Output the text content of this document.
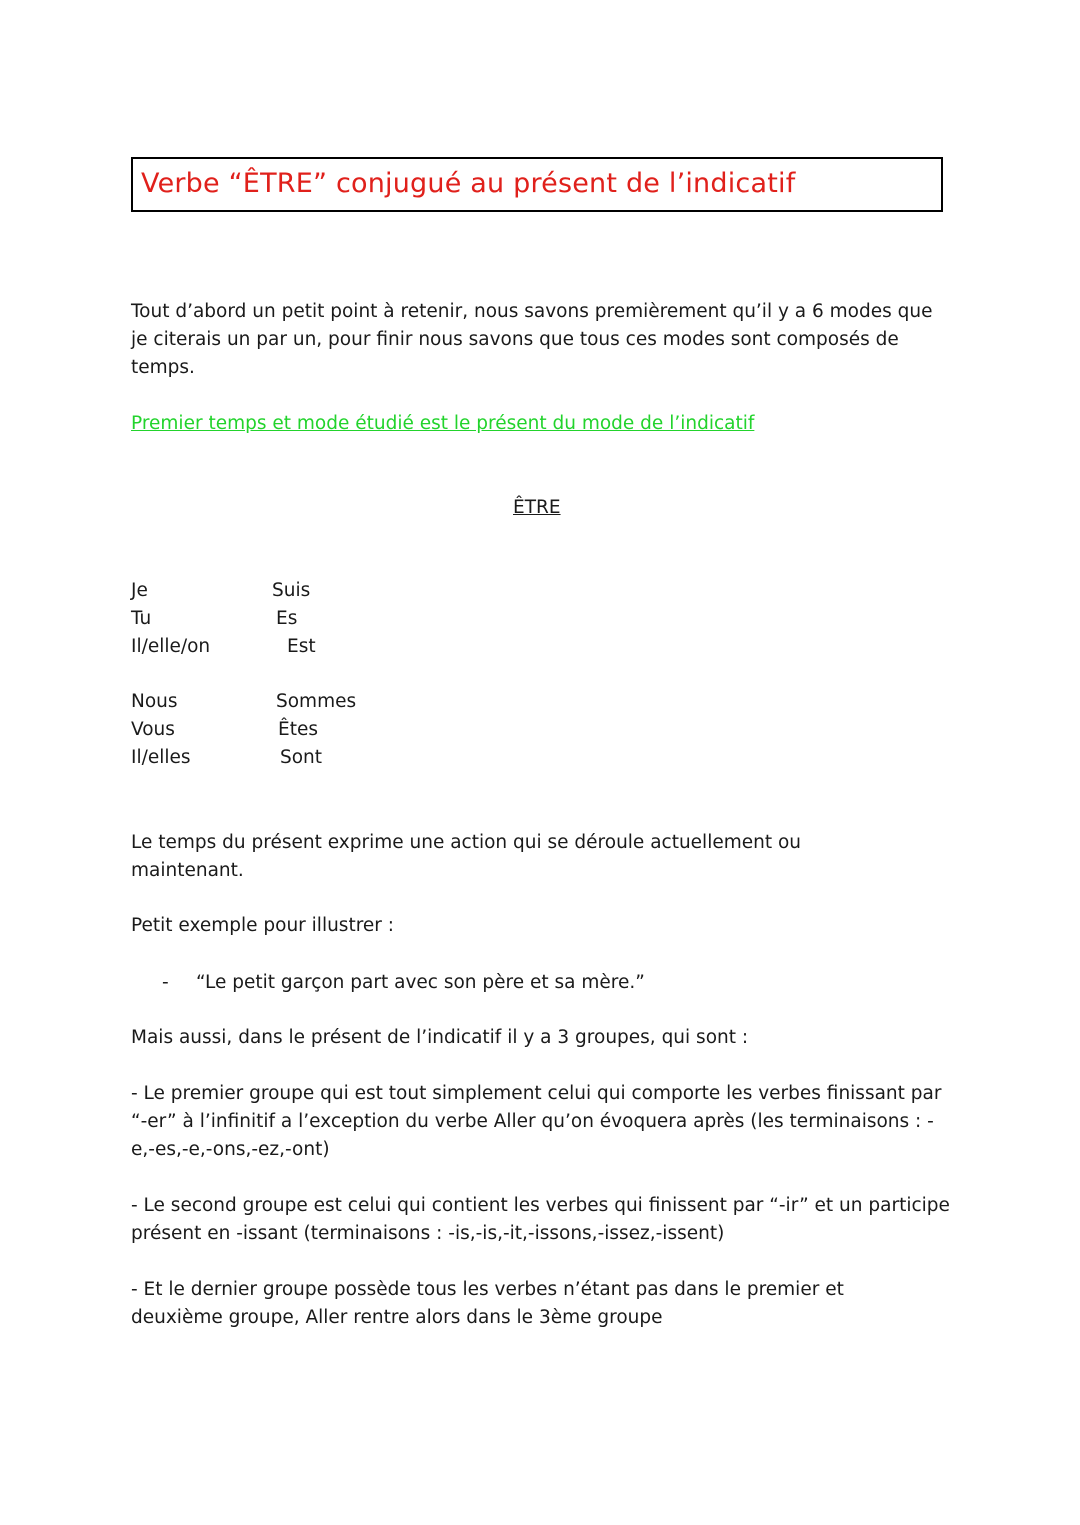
Verbe “ÊTRE” conjugué au présent de l’indicatif

Tout d’abord un petit point à retenir, nous savons premièrement qu’il y a 6 modes que je citerais un par un, pour finir nous savons que tous ces modes sont composés de temps.

Premier temps et mode étudié est le présent du mode de l’indicatif
ÊTRE
Je	Suis
Tu	Es
Il/elle/on	Est
Nous	Sommes
Vous	Êtes
Il/elles	Sont

Le temps du présent exprime une action qui se déroule actuellement ou maintenant.

Petit exemple pour illustrer :

- “Le petit garçon part avec son père et sa mère.”

Mais aussi, dans le présent de l’indicatif il y a 3 groupes, qui sont :

- Le premier groupe qui est tout simplement celui qui comporte les verbes finissant par “-er” à l’infinitif a l’exception du verbe Aller qu’on évoquera après (les terminaisons : -e,-es,-e,-ons,-ez,-ont)

- Le second groupe est celui qui contient les verbes qui finissent par “-ir” et un participe présent en -issant (terminaisons : -is,-is,-it,-issons,-issez,-issent)

- Et le dernier groupe possède tous les verbes n’étant pas dans le premier et deuxième groupe, Aller rentre alors dans le 3ème groupe
